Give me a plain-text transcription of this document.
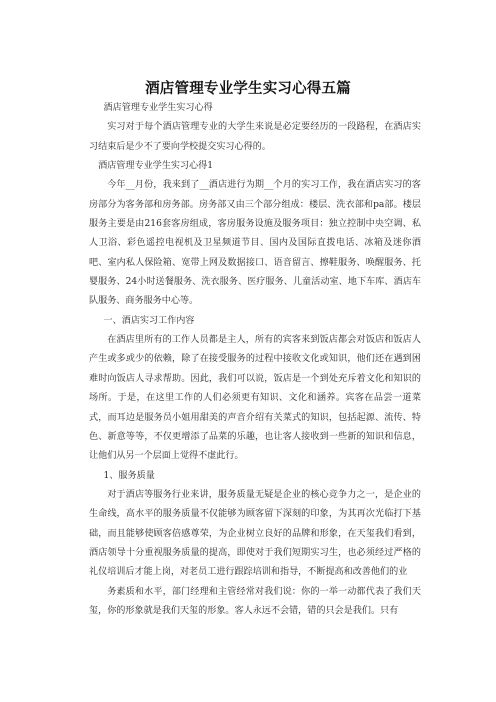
酒店管理专业学生实习心得五篇

酒店管理专业学生实习心得

实习对于每个酒店管理专业的大学生来说是必定要经历的一段路程，在酒店实习结束后是少不了要向学校提交实习心得的。

酒店管理专业学生实习心得1

今年__月份，我来到了__酒店进行为期__个月的实习工作，我在酒店实习的客房部分为客务部和房务部。房务部又由三个部分组成：楼层、洗衣部和pa部。楼层服务主要是由216套客房组成，客房服务设施及服务项目：独立控制中央空调、私人卫浴、彩色遥控电视机及卫星频道节目、国内及国际直拨电话、冰箱及迷你酒吧、室内私人保险箱、宽带上网及数据接口、语音留言、擦鞋服务、唤醒服务、托婴服务、24小时送餐服务、洗衣服务、医疗服务、儿童活动室、地下车库、酒店车队服务、商务服务中心等。

一、酒店实习工作内容

在酒店里所有的工作人员都是主人，所有的宾客来到饭店都会对饭店和饭店人产生或多或少的依赖，除了在接受服务的过程中接收文化或知识，他们还在遇到困难时向饭店人寻求帮助。因此，我们可以说，饭店是一个到处充斥着文化和知识的场所。于是，在这里工作的人们必须更有知识、文化和涵养。宾客在品尝一道菜式，而耳边是服务员小姐用甜美的声音介绍有关菜式的知识，包括起源、流传、特色、新意等等，不仅更增添了品菜的乐趣，也让客人接收到一些新的知识和信息，让他们从另一个层面上觉得不虚此行。

1、服务质量

对于酒店等服务行业来讲，服务质量无疑是企业的核心竞争力之一，是企业的生命线，高水平的服务质量不仅能够为顾客留下深刻的印象，为其再次光临打下基础，而且能够使顾客倍感尊荣，为企业树立良好的品牌和形象，在天玺我们看到，酒店领导十分重视服务质量的提高，即使对于我们短期实习生，也必须经过严格的礼仪培训后才能上岗，对老员工进行跟踪培训和指导，不断提高和改善他们的业

务素质和水平，部门经理和主管经常对我们说：你的一举一动都代表了我们天玺，你的形象就是我们天玺的形象。客人永远不会错，错的只会是我们。只有
